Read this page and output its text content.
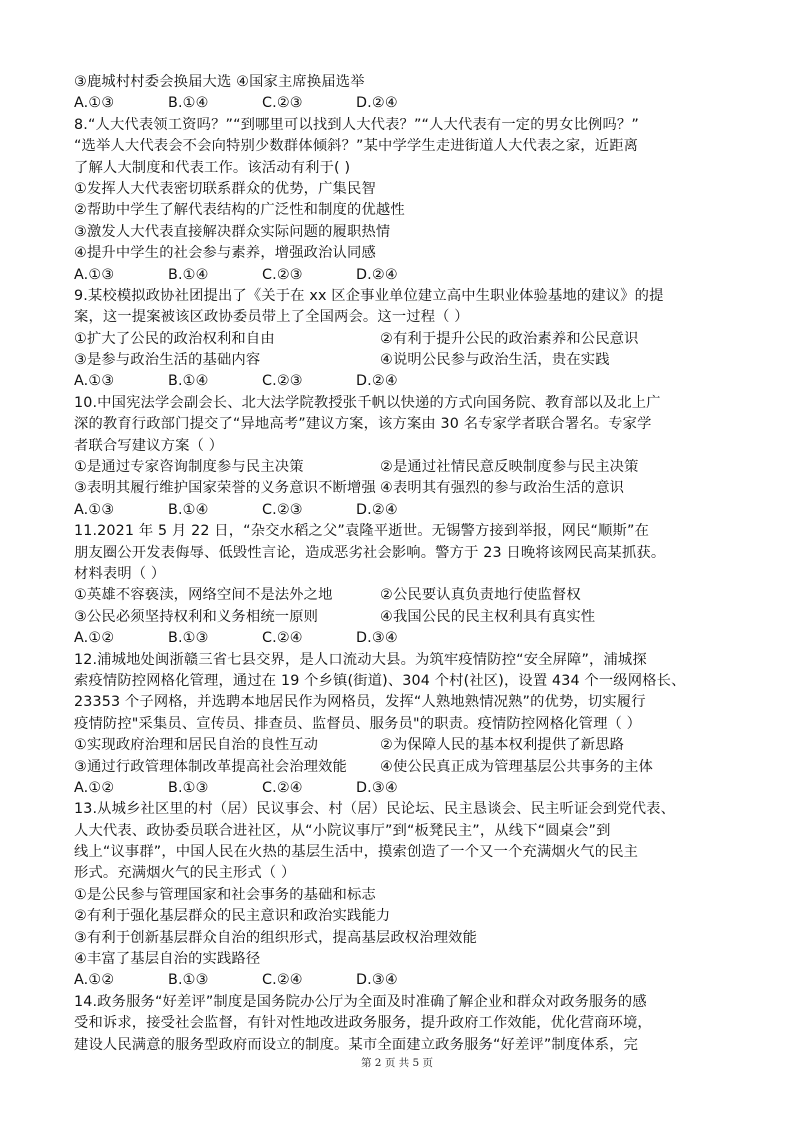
③鹿城村村委会换届大选 ④国家主席换届选举
A.①③	B.①④	C.②③	D.②④
8.“人大代表领工资吗？”“到哪里可以找到人大代表？”“人大代表有一定的男女比例吗？”
“选举人大代表会不会向特别少数群体倾斜？”某中学学生走进街道人大代表之家，近距离
了解人大制度和代表工作。该活动有利于( )
①发挥人大代表密切联系群众的优势，广集民智
②帮助中学生了解代表结构的广泛性和制度的优越性
③激发人大代表直接解决群众实际问题的履职热情
④提升中学生的社会参与素养，增强政治认同感
A.①③	B.①④	C.②③	D.②④
9.某校模拟政协社团提出了《关于在 xx 区企事业单位建立高中生职业体验基地的建议》的提
案，这一提案被该区政协委员带上了全国两会。这一过程（ ）
①扩大了公民的政治权利和自由	②有利于提升公民的政治素养和公民意识
③是参与政治生活的基础内容	④说明公民参与政治生活，贵在实践
A.①③	B.①④	C.②③	D.②④
10.中国宪法学会副会长、北大法学院教授张千帆以快递的方式向国务院、教育部以及北上广
深的教育行政部门提交了“异地高考”建议方案，该方案由 30 名专家学者联合署名。专家学
者联合写建议方案（ ）
①是通过专家咨询制度参与民主决策	②是通过社情民意反映制度参与民主决策
③表明其履行维护国家荣誉的义务意识不断增强 ④表明其有强烈的参与政治生活的意识
A.①③	B.①④	C.②③	D.②④
11.2021 年 5 月 22 日，“杂交水稻之父”袁隆平逝世。无锡警方接到举报，网民“顺斯”在
朋友圈公开发表侮辱、低毁性言论，造成恶劣社会影响。警方于 23 日晚将该网民高某抓获。
材料表明（ ）
①英雄不容亵渎，网络空间不是法外之地	②公民要认真负责地行使监督权
③公民必须坚持权利和义务相统一原则	④我国公民的民主权利具有真实性
A.①②	B.①③	C.②④	D.③④
12.浦城地处闽浙赣三省七县交界，是人口流动大县。为筑牢疫情防控“安全屏障”，浦城探
索疫情防控网格化管理，通过在 19 个乡镇(街道)、304 个村(社区)，设置 434 个一级网格长、
23353 个子网格，并选聘本地居民作为网格员，发挥“人熟地熟情况熟”的优势，切实履行
疫情防控"采集员、宣传员、排查员、监督员、服务员"的职责。疫情防控网格化管理（ ）
①实现政府治理和居民自治的良性互动	②为保障人民的基本权利提供了新思路
③通过行政管理体制改革提高社会治理效能	④使公民真正成为管理基层公共事务的主体
A.①②	B.①③	C.②④	D.③④
13.从城乡社区里的村（居）民议事会、村（居）民论坛、民主恳谈会、民主听证会到党代表、
人大代表、政协委员联合进社区，从“小院议事厅”到“板凳民主”，从线下“圆桌会”到
线上“议事群”，中国人民在火热的基层生活中，摸索创造了一个又一个充满烟火气的民主
形式。充满烟火气的民主形式（ ）
①是公民参与管理国家和社会事务的基础和标志
②有利于强化基层群众的民主意识和政治实践能力
③有利于创新基层群众自治的组织形式，提高基层政权治理效能
④丰富了基层自治的实践路径
A.①②	B.①③	C.②④	D.③④
14.政务服务“好差评”制度是国务院办公厅为全面及时准确了解企业和群众对政务服务的感
受和诉求，接受社会监督，有针对性地改进政务服务，提升政府工作效能，优化营商环境，
建设人民满意的服务型政府而设立的制度。某市全面建立政务服务“好差评”制度体系，完
第 2 页 共 5 页
